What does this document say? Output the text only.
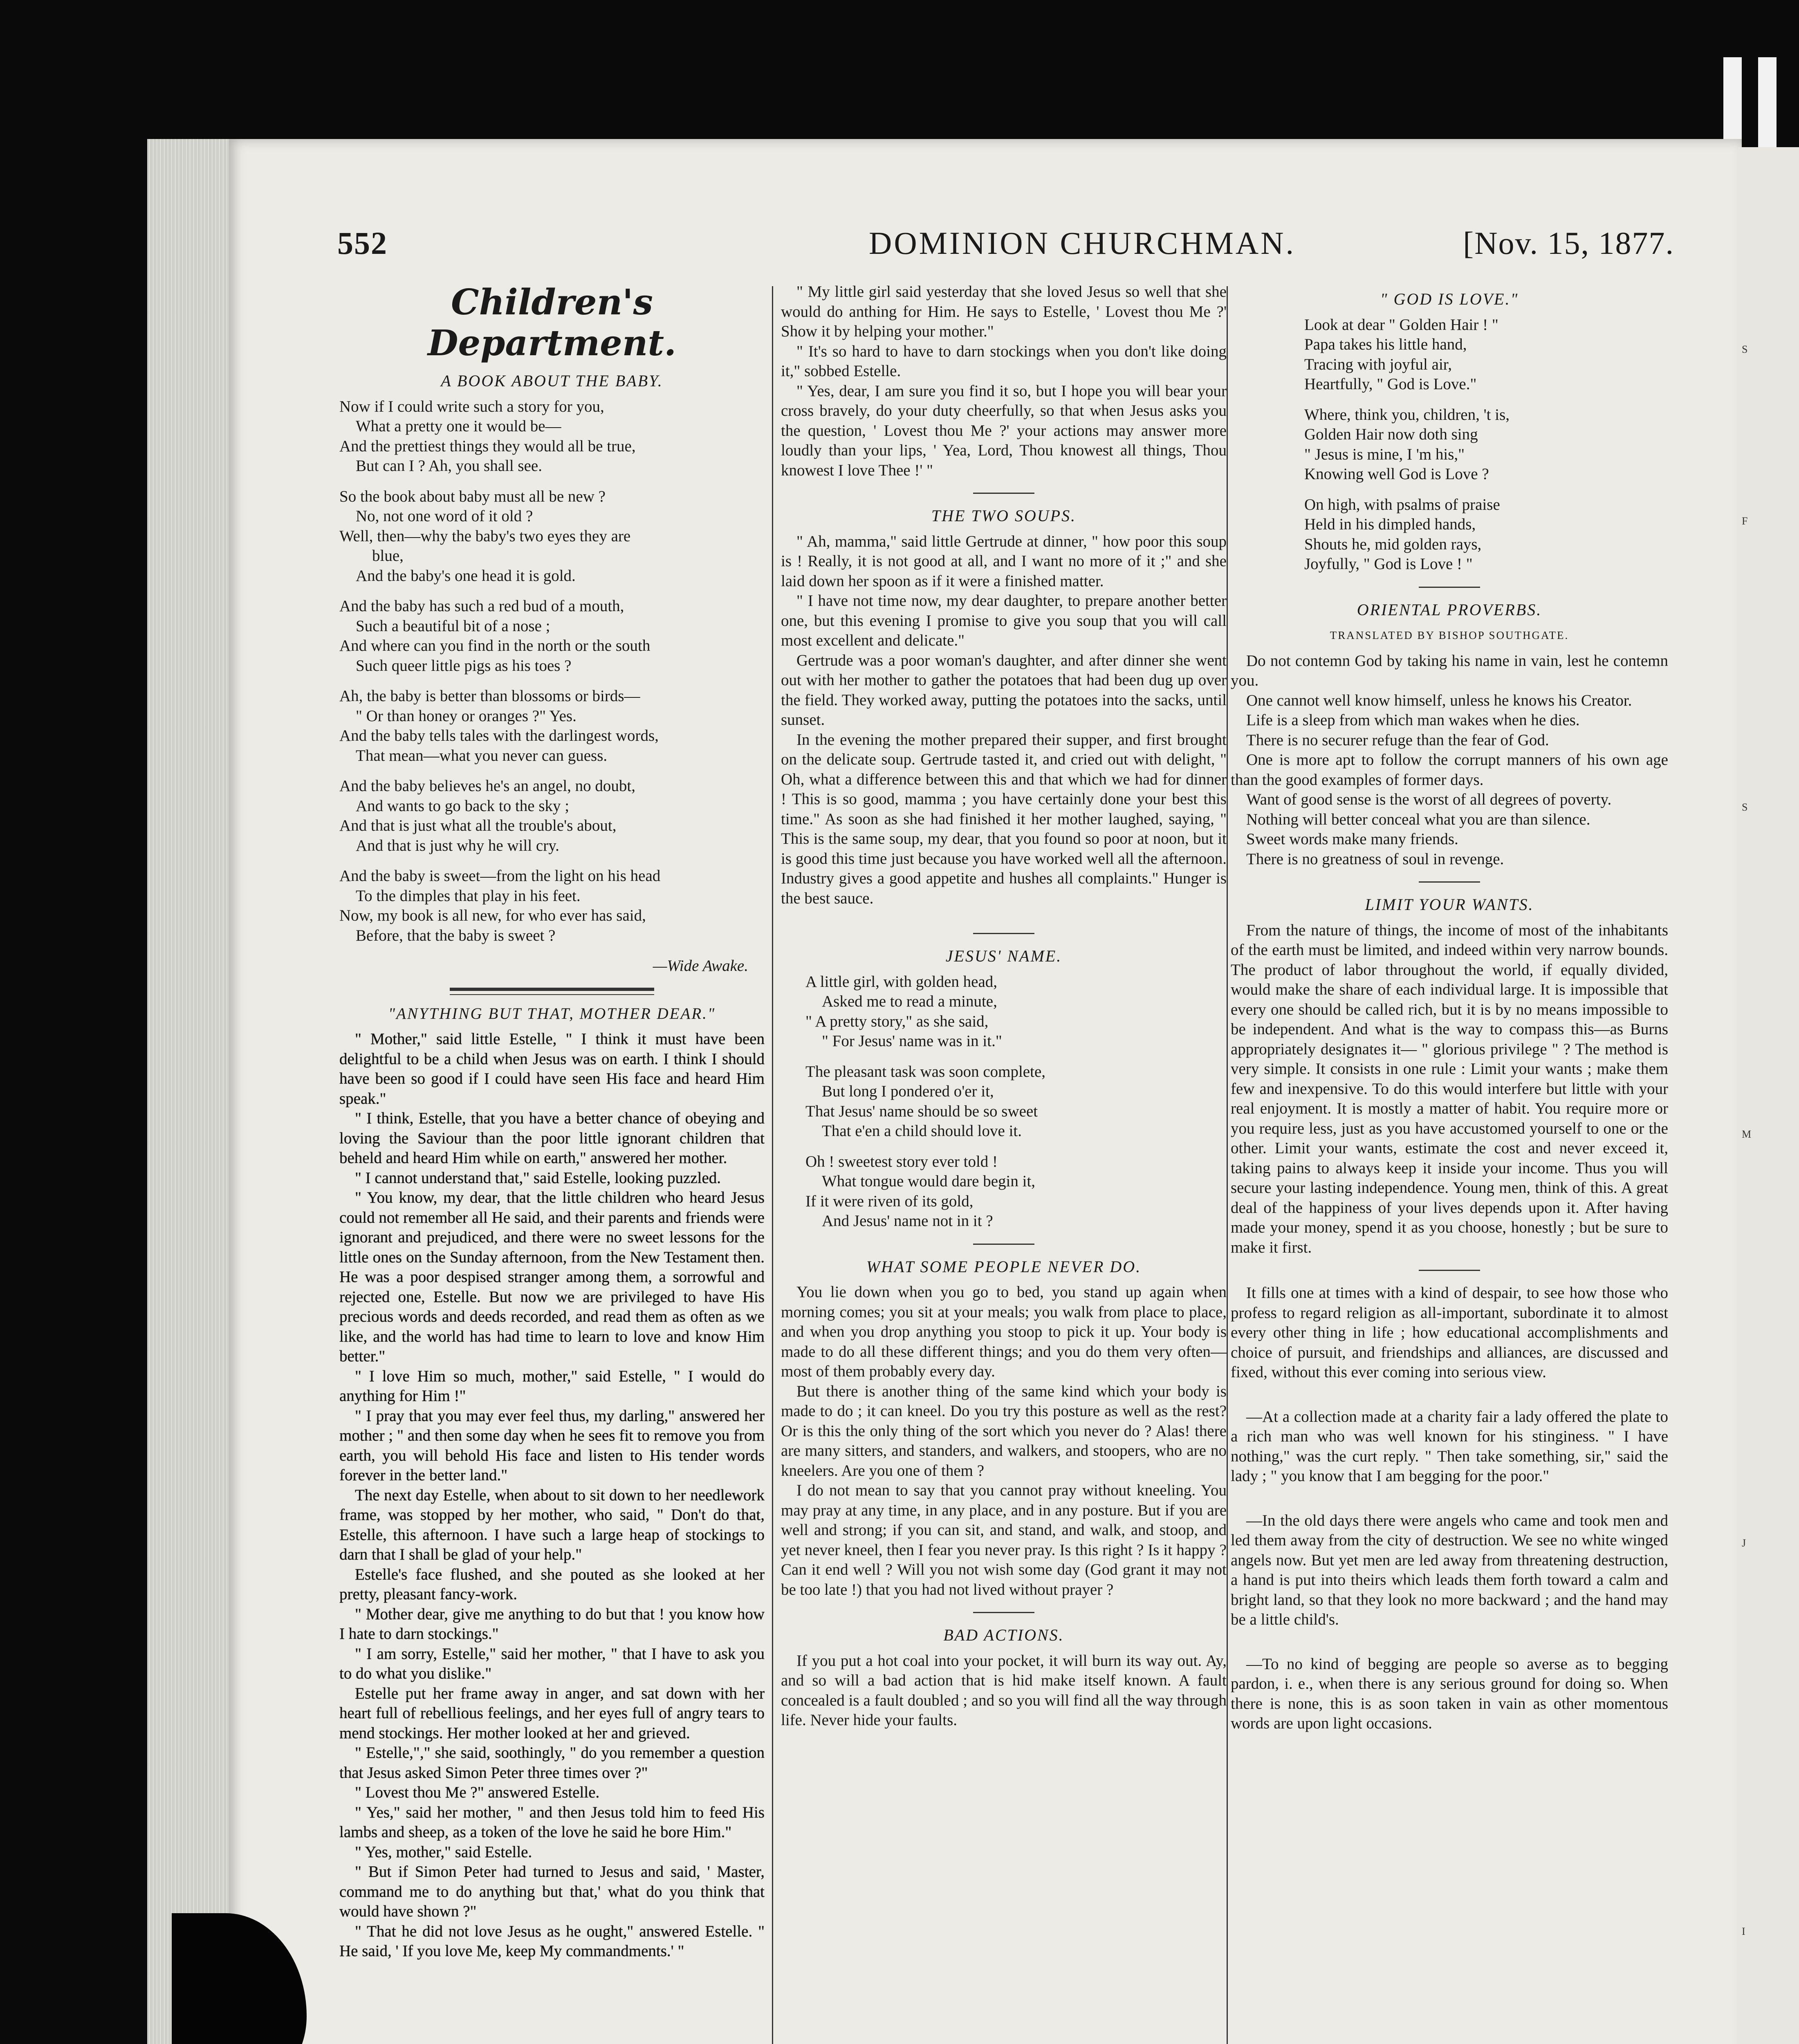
S
F
S
M
J
I
552	DOMINION CHURCHMAN.	[Nov. 15, 1877.
Children's Department.
A BOOK ABOUT THE BABY.

Now if I could write such a story for you,

What a pretty one it would be—

And the prettiest things they would all be true,

But can I ? Ah, you shall see.

So the book about baby must all be new ?

No, not one word of it old ?

Well, then—why the baby's two eyes they are

blue,

And the baby's one head it is gold.

And the baby has such a red bud of a mouth,

Such a beautiful bit of a nose ;

And where can you find in the north or the south

Such queer little pigs as his toes ?

Ah, the baby is better than blossoms or birds—

" Or than honey or oranges ?" Yes.

And the baby tells tales with the darlingest words,

That mean—what you never can guess.

And the baby believes he's an angel, no doubt,

And wants to go back to the sky ;

And that is just what all the trouble's about,

And that is just why he will cry.

And the baby is sweet—from the light on his head

To the dimples that play in his feet.

Now, my book is all new, for who ever has said,

Before, that the baby is sweet ?

—Wide Awake.
"ANYTHING BUT THAT, MOTHER DEAR."

" Mother," said little Estelle, " I think it must have been delightful to be a child when Jesus was on earth. I think I should have been so good if I could have seen His face and heard Him speak."

" I think, Estelle, that you have a better chance of obeying and loving the Saviour than the poor little ignorant children that beheld and heard Him while on earth," answered her mother.

" I cannot understand that," said Estelle, looking puzzled.

" You know, my dear, that the little children who heard Jesus could not remember all He said, and their parents and friends were ignorant and prejudiced, and there were no sweet lessons for the little ones on the Sunday afternoon, from the New Testament then. He was a poor despised stranger among them, a sorrowful and rejected one, Estelle. But now we are privileged to have His precious words and deeds recorded, and read them as often as we like, and the world has had time to learn to love and know Him better."

" I love Him so much, mother," said Estelle, " I would do anything for Him !"

" I pray that you may ever feel thus, my darling," answered her mother ; " and then some day when he sees fit to remove you from earth, you will behold His face and listen to His tender words forever in the better land."

The next day Estelle, when about to sit down to her needlework frame, was stopped by her mother, who said, " Don't do that, Estelle, this afternoon. I have such a large heap of stockings to darn that I shall be glad of your help."

Estelle's face flushed, and she pouted as she looked at her pretty, pleasant fancy-work.

" Mother dear, give me anything to do but that ! you know how I hate to darn stockings."

" I am sorry, Estelle," said her mother, " that I have to ask you to do what you dislike."

Estelle put her frame away in anger, and sat down with her heart full of rebellious feelings, and her eyes full of angry tears to mend stockings. Her mother looked at her and grieved.

" Estelle,"," she said, soothingly, " do you remember a question that Jesus asked Simon Peter three times over ?"

" Lovest thou Me ?" answered Estelle.

" Yes," said her mother, " and then Jesus told him to feed His lambs and sheep, as a token of the love he said he bore Him."

" Yes, mother," said Estelle.

" But if Simon Peter had turned to Jesus and said, ' Master, command me to do anything but that,' what do you think that would have shown ?"

" That he did not love Jesus as he ought," answered Estelle. " He said, ' If you love Me, keep My commandments.' "

" My little girl said yesterday that she loved Jesus so well that she would do anthing for Him. He says to Estelle, ' Lovest thou Me ?' Show it by helping your mother."

" It's so hard to have to darn stockings when you don't like doing it," sobbed Estelle.

" Yes, dear, I am sure you find it so, but I hope you will bear your cross bravely, do your duty cheerfully, so that when Jesus asks you the question, ' Lovest thou Me ?' your actions may answer more loudly than your lips, ' Yea, Lord, Thou knowest all things, Thou knowest I love Thee !' "

THE TWO SOUPS.

" Ah, mamma," said little Gertrude at dinner, " how poor this soup is ! Really, it is not good at all, and I want no more of it ;" and she laid down her spoon as if it were a finished matter.

" I have not time now, my dear daughter, to prepare another better one, but this evening I promise to give you soup that you will call most excellent and delicate."

Gertrude was a poor woman's daughter, and after dinner she went out with her mother to gather the potatoes that had been dug up over the field. They worked away, putting the potatoes into the sacks, until sunset.

In the evening the mother prepared their supper, and first brought on the delicate soup. Gertrude tasted it, and cried out with delight, " Oh, what a difference between this and that which we had for dinner ! This is so good, mamma ; you have certainly done your best this time." As soon as she had finished it her mother laughed, saying, " This is the same soup, my dear, that you found so poor at noon, but it is good this time just because you have worked well all the afternoon. Industry gives a good appetite and hushes all complaints." Hunger is the best sauce.

JESUS' NAME.

A little girl, with golden head,

Asked me to read a minute,

" A pretty story," as she said,

" For Jesus' name was in it."

The pleasant task was soon complete,

But long I pondered o'er it,

That Jesus' name should be so sweet

That e'en a child should love it.

Oh ! sweetest story ever told !

What tongue would dare begin it,

If it were riven of its gold,

And Jesus' name not in it ?

WHAT SOME PEOPLE NEVER DO.

You lie down when you go to bed, you stand up again when morning comes; you sit at your meals; you walk from place to place, and when you drop anything you stoop to pick it up. Your body is made to do all these different things; and you do them very often—most of them probably every day.

But there is another thing of the same kind which your body is made to do ; it can kneel. Do you try this posture as well as the rest? Or is this the only thing of the sort which you never do ? Alas! there are many sitters, and standers, and walkers, and stoopers, who are no kneelers. Are you one of them ?

I do not mean to say that you cannot pray without kneeling. You may pray at any time, in any place, and in any posture. But if you are well and strong; if you can sit, and stand, and walk, and stoop, and yet never kneel, then I fear you never pray. Is this right ? Is it happy ? Can it end well ? Will you not wish some day (God grant it may not be too late !) that you had not lived without prayer ?

BAD ACTIONS.

If you put a hot coal into your pocket, it will burn its way out. Ay, and so will a bad action that is hid make itself known. A fault concealed is a fault doubled ; and so you will find all the way through life. Never hide your faults.

" GOD IS LOVE."

Look at dear " Golden Hair ! "

Papa takes his little hand,

Tracing with joyful air,

Heartfully, " God is Love."

Where, think you, children, 't is,

Golden Hair now doth sing

" Jesus is mine, I 'm his,"

Knowing well God is Love ?

On high, with psalms of praise

Held in his dimpled hands,

Shouts he, mid golden rays,

Joyfully, " God is Love ! "

ORIENTAL PROVERBS.
TRANSLATED BY BISHOP SOUTHGATE.

Do not contemn God by taking his name in vain, lest he contemn you.

One cannot well know himself, unless he knows his Creator.

Life is a sleep from which man wakes when he dies.

There is no securer refuge than the fear of God.

One is more apt to follow the corrupt manners of his own age than the good examples of former days.

Want of good sense is the worst of all degrees of poverty.

Nothing will better conceal what you are than silence.

Sweet words make many friends.

There is no greatness of soul in revenge.

LIMIT YOUR WANTS.

From the nature of things, the income of most of the inhabitants of the earth must be limited, and indeed within very narrow bounds. The product of labor throughout the world, if equally divided, would make the share of each individual large. It is impossible that every one should be called rich, but it is by no means impossible to be independent. And what is the way to compass this—as Burns appropriately designates it— " glorious privilege " ? The method is very simple. It consists in one rule : Limit your wants ; make them few and inexpensive. To do this would interfere but little with your real enjoyment. It is mostly a matter of habit. You require more or you require less, just as you have accustomed yourself to one or the other. Limit your wants, estimate the cost and never exceed it, taking pains to always keep it inside your income. Thus you will secure your lasting independence. Young men, think of this. A great deal of the happiness of your lives depends upon it. After having made your money, spend it as you choose, honestly ; but be sure to make it first.

It fills one at times with a kind of despair, to see how those who profess to regard religion as all-important, subordinate it to almost every other thing in life ; how educational accomplishments and choice of pursuit, and friendships and alliances, are discussed and fixed, without this ever coming into serious view.

—At a collection made at a charity fair a lady offered the plate to a rich man who was well known for his stinginess. " I have nothing," was the curt reply. " Then take something, sir," said the lady ; " you know that I am begging for the poor."

—In the old days there were angels who came and took men and led them away from the city of destruction. We see no white winged angels now. But yet men are led away from threatening destruction, a hand is put into theirs which leads them forth toward a calm and bright land, so that they look no more backward ; and the hand may be a little child's.

—To no kind of begging are people so averse as to begging pardon, i. e., when there is any serious ground for doing so. When there is none, this is as soon taken in vain as other momentous words are upon light occasions.
